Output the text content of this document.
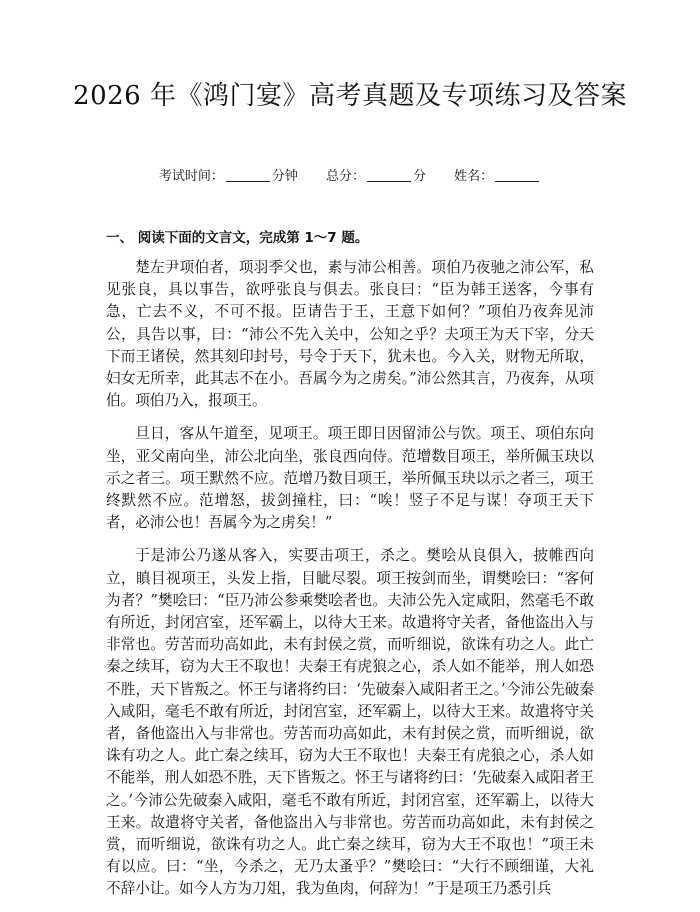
2026 年《鸿门宴》高考真题及专项练习及答案
考试时间：	分钟 总分：	分 姓名：
一、 阅读下面的文言文，完成第 1～7 题。

楚左尹项伯者，项羽季父也，素与沛公相善。项伯乃夜驰之沛公军，私见张良，具以事告，欲呼张良与俱去。张良曰：“臣为韩王送客，今事有急，亡去不义，不可不报。臣请告于王，王意下如何？”项伯乃夜奔见沛公，具告以事，曰：“沛公不先入关中，公知之乎？夫项王为天下宰，分天下而王诸侯，然其刻印封号，号令于天下，犹未也。今入关，财物无所取，妇女无所幸，此其志不在小。吾属今为之虏矣。”沛公然其言，乃夜奔，从项伯。项伯乃入，报项王。

旦日，客从午道至，见项王。项王即日因留沛公与饮。项王、项伯东向坐，亚父南向坐，沛公北向坐，张良西向侍。范增数目项王，举所佩玉玦以示之者三。项王默然不应。范增乃数目项王，举所佩玉玦以示之者三，项王终默然不应。范增怒，拔剑撞柱，曰：“唉！竖子不足与谋！夺项王天下者，必沛公也！吾属今为之虏矣！”

于是沛公乃遂从客入，实要击项王，杀之。樊哙从良俱入，披帷西向立，瞋目视项王，头发上指，目眦尽裂。项王按剑而坐，谓樊哙曰：“客何为者？”樊哙曰：“臣乃沛公参乘樊哙者也。夫沛公先入定咸阳，然毫毛不敢有所近，封闭宫室，还军霸上，以待大王来。故遣将守关者，备他盗出入与非常也。劳苦而功高如此，未有封侯之赏，而听细说，欲诛有功之人。此亡秦之续耳，窃为大王不取也！夫秦王有虎狼之心，杀人如不能举，刑人如恐不胜，天下皆叛之。怀王与诸将约曰：‘先破秦入咸阳者王之。’今沛公先破秦入咸阳，毫毛不敢有所近，封闭宫室，还军霸上，以待大王来。故遣将守关者，备他盗出入与非常也。劳苦而功高如此，未有封侯之赏，而听细说，欲诛有功之人。此亡秦之续耳，窃为大王不取也！夫秦王有虎狼之心，杀人如不能举，刑人如恐不胜，天下皆叛之。怀王与诸将约曰：‘先破秦入咸阳者王之。’今沛公先破秦入咸阳，毫毛不敢有所近，封闭宫室，还军霸上，以待大王来。故遣将守关者，备他盗出入与非常也。劳苦而功高如此，未有封侯之赏，而听细说，欲诛有功之人。此亡秦之续耳，窃为大王不取也！”项王未有以应。曰：“坐，今杀之，无乃太蚤乎？”樊哙曰：“大行不顾细谨，大礼不辞小让。如今人方为刀俎，我为鱼肉，何辞为！”于是项王乃悉引兵
